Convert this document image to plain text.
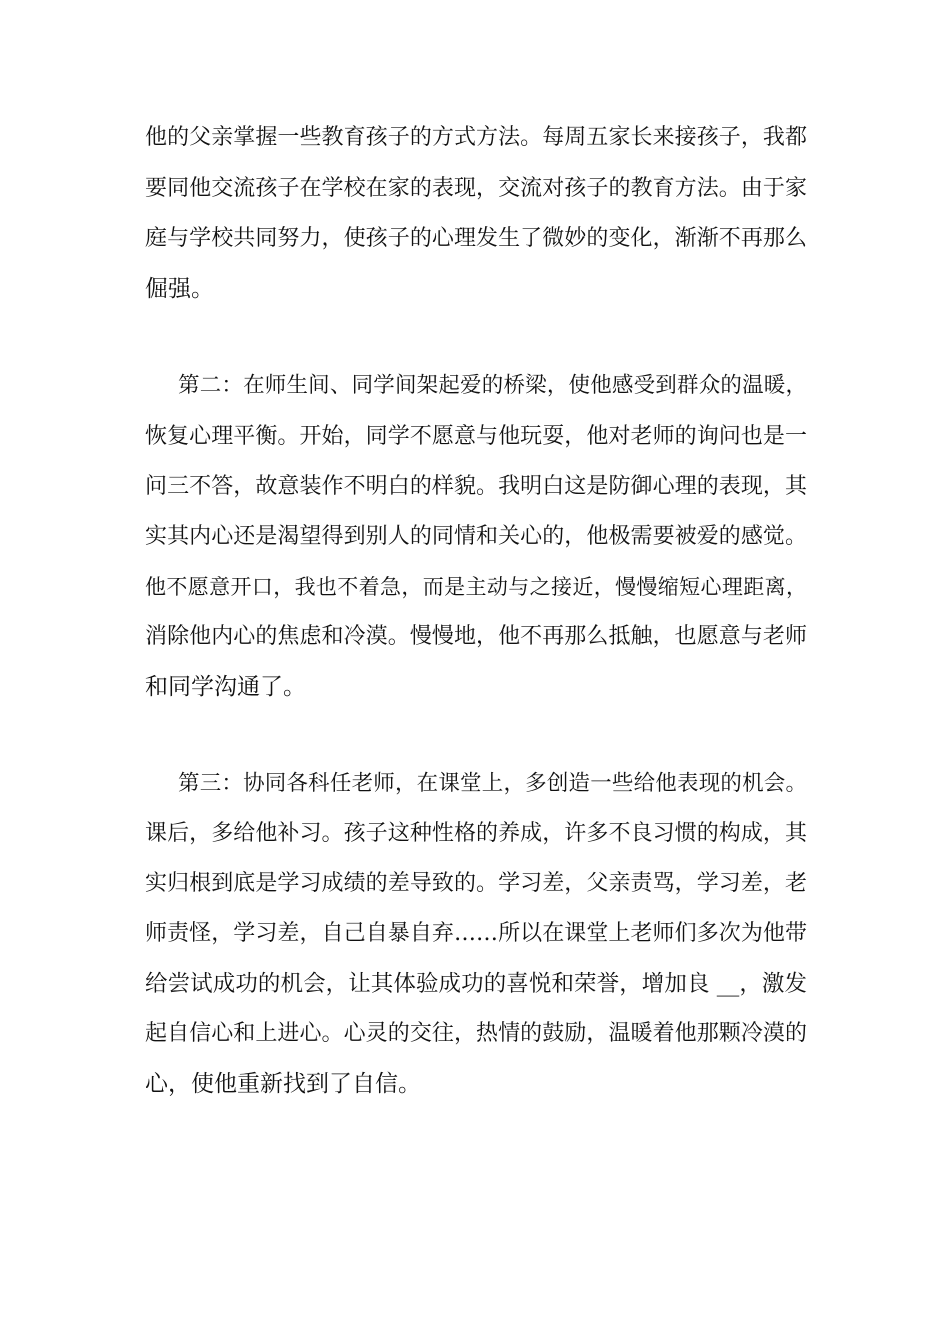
他的父亲掌握一些教育孩子的方式方法。每周五家长来接孩子，我都
要同他交流孩子在学校在家的表现，交流对孩子的教育方法。由于家
庭与学校共同努力，使孩子的心理发生了微妙的变化，渐渐不再那么
倔强。
第二：在师生间、同学间架起爱的桥梁，使他感受到群众的温暖，
恢复心理平衡。开始，同学不愿意与他玩耍，他对老师的询问也是一
问三不答，故意装作不明白的样貌。我明白这是防御心理的表现，其
实其内心还是渴望得到别人的同情和关心的，他极需要被爱的感觉。
他不愿意开口，我也不着急，而是主动与之接近，慢慢缩短心理距离，
消除他内心的焦虑和冷漠。慢慢地，他不再那么抵触，也愿意与老师
和同学沟通了。
第三：协同各科任老师，在课堂上，多创造一些给他表现的机会。
课后，多给他补习。孩子这种性格的养成，许多不良习惯的构成，其
实归根到底是学习成绩的差导致的。学习差，父亲责骂，学习差，老
师责怪，学习差，自己自暴自弃……所以在课堂上老师们多次为他带
给尝试成功的机会，让其体验成功的喜悦和荣誉，增加良 __，激发
起自信心和上进心。心灵的交往，热情的鼓励，温暖着他那颗冷漠的
心，使他重新找到了自信。
